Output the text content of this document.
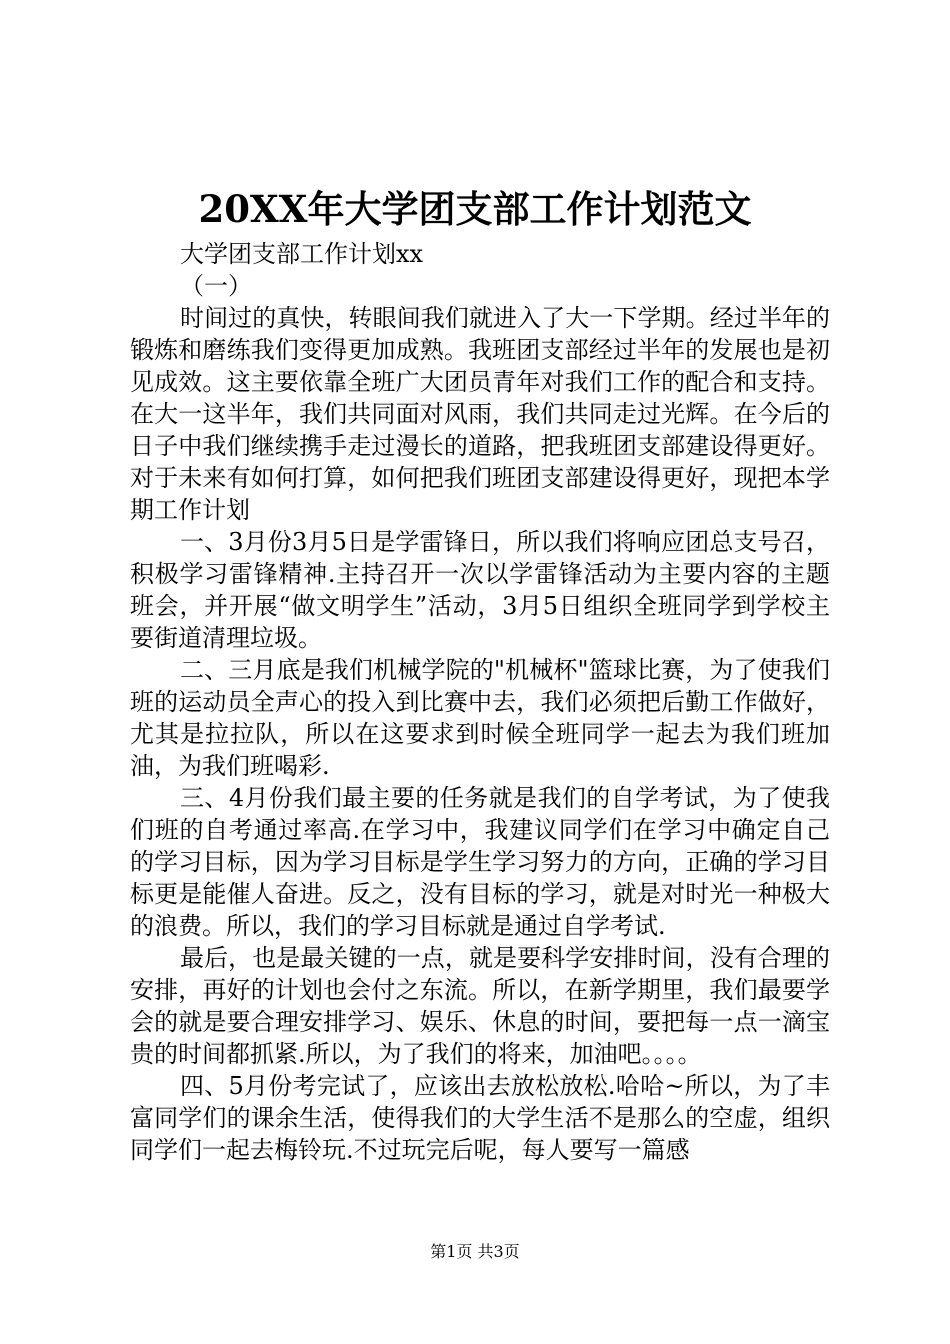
20XX年大学团支部工作计划范文

大学团支部工作计划xx

（一）

时间过的真快，转眼间我们就进入了大一下学期。经过半年的锻炼和磨练我们变得更加成熟。我班团支部经过半年的发展也是初见成效。这主要依靠全班广大团员青年对我们工作的配合和支持。在大一这半年，我们共同面对风雨，我们共同走过光辉。在今后的日子中我们继续携手走过漫长的道路，把我班团支部建设得更好。对于未来有如何打算，如何把我们班团支部建设得更好，现把本学期工作计划

一、3月份3月5日是学雷锋日，所以我们将响应团总支号召，积极学习雷锋精神.主持召开一次以学雷锋活动为主要内容的主题班会，并开展“做文明学生”活动，3月5日组织全班同学到学校主要街道清理垃圾。

二、三月底是我们机械学院的"机械杯"篮球比赛，为了使我们班的运动员全声心的投入到比赛中去，我们必须把后勤工作做好，尤其是拉拉队，所以在这要求到时候全班同学一起去为我们班加油，为我们班喝彩.

三、4月份我们最主要的任务就是我们的自学考试，为了使我们班的自考通过率高.在学习中，我建议同学们在学习中确定自己的学习目标，因为学习目标是学生学习努力的方向，正确的学习目标更是能催人奋进。反之，没有目标的学习，就是对时光一种极大的浪费。所以，我们的学习目标就是通过自学考试.

最后，也是最关键的一点，就是要科学安排时间，没有合理的安排，再好的计划也会付之东流。所以，在新学期里，我们最要学会的就是要合理安排学习、娱乐、休息的时间，要把每一点一滴宝贵的时间都抓紧.所以，为了我们的将来，加油吧。。。。

四、5月份考完试了，应该出去放松放松.哈哈~所以，为了丰富同学们的课余生活，使得我们的大学生活不是那么的空虚，组织同学们一起去梅铃玩.不过玩完后呢，每人要写一篇感

第1页 共3页
